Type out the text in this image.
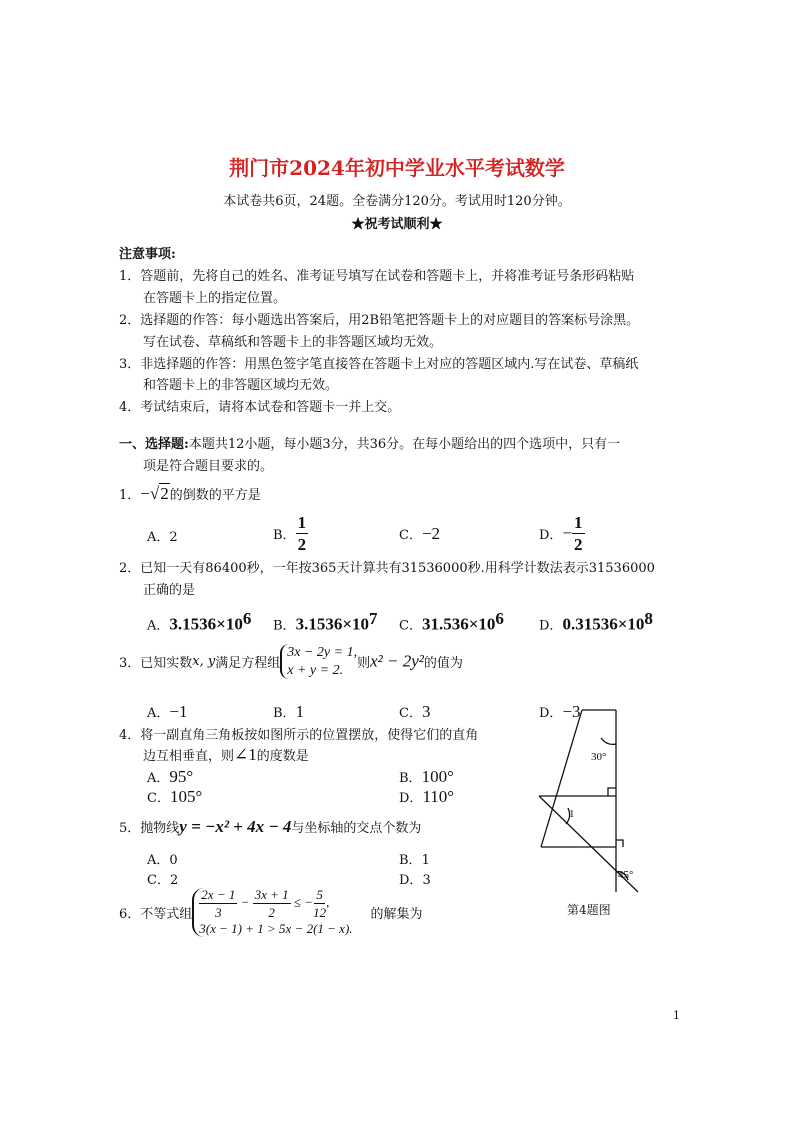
荆门市2024年初中学业水平考试数学
本试卷共6页，24题。全卷满分120分。考试用时120分钟。
★祝考试顺利★
注意事项:
1．答题前，先将自己的姓名、准考证号填写在试卷和答题卡上，并将准考证号条形码粘贴
在答题卡上的指定位置。
2．选择题的作答：每小题选出答案后，用2B铅笔把答题卡上的对应题目的答案标号涂黑。
写在试卷、草稿纸和答题卡上的非答题区域均无效。
3．非选择题的作答：用黑色签字笔直接答在答题卡上对应的答题区域内.写在试卷、草稿纸
和答题卡上的非答题区域均无效。
4．考试结束后，请将本试卷和答题卡一并上交。
一、选择题:本题共12小题，每小题3分，共36分。在每小题给出的四个选项中，只有一
项是符合题目要求的。
1．−√2的倒数的平方是
A．2	B． $\frac{1}{2}$	C．−2	D．− $\frac{1}{2}$
2．已知一天有86400秒，一年按365天计算共有31536000秒.用科学计数法表示31536000
正确的是
A．$3.1536\times 10^6$ B．$3.1536\times 10^7$ C．$31.536\times 10^6$	D．$0.31536\times 10^8$
3．已知实数x, y满足方程组
3x − 2y = 1,
x + y = 2.	则x² − 2y²的值为
A．−1	B．1	C．3	D．−3
4．将一副直角三角板按如图所示的位置摆放，使得它们的直角
边互相垂直，则∠1的度数是
A．95°	B．100°
C．105°	D．110°
30°
1
45°
第4题图
5．抛物线y = −x² + 4x − 4与坐标轴的交点个数为
A．0	B．1
C．2	D．3
6．不等式组 $\frac{2x - 1}{3} - \frac{3x + 1}{2}$ ≤ − $\frac{5}{12}$ ,
3(x − 1) + 1 > 5x − 2(1 − x).
的解集为
1
